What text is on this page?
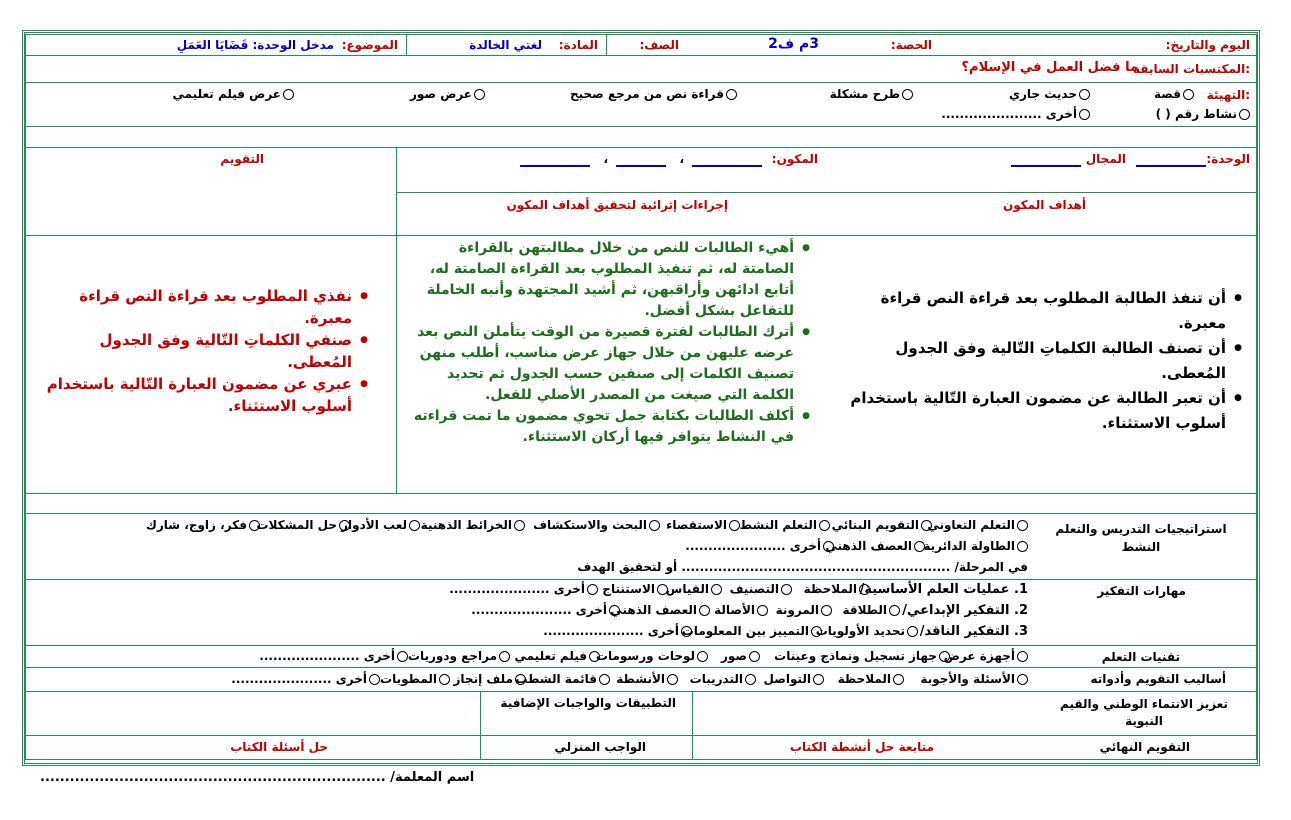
اليوم والتاريخ:
الحصة:
الصف:	3م ف2
المادة:
لغتي الخالدة
الموضوع:
مدخل الوحدة: قَضَايَا العَمَلِ
المكتسبات السابقة:
ما فضل العمل في الإسلام؟
التهيئة:
قصة
حديث جاري
طرح مشكلة
قراءة نص من مرجع صحيح
عرض صور
عرض فيلم تعليمي
نشاط رقم ( )
أخرى ......................
الوحدة:
المجال
أهداف المكون
المكون:
،
،
إجراءات إثرائية لتحقيق أهداف المكون
التقويم
● أن تنفذ الطالبة المطلوب بعد قراءة النص قراءة معبرة.
● أن تصنف الطالبة الكلماتِ التّالية وفق الجدول المُعطى.
● أن تعبر الطالبة عن مضمون العبارة التّالية باستخدام أسلوب الاستثناء.
● أهيء الطالبات للنص من خلال مطالبتهن بالقراءة الصامتة له، ثم تنفيذ المطلوب بعد القراءة الصامتة له، أتابع ادائهن وأراقبهن، ثم أشيد المجتهدة وأنبه الخاملة للتفاعل بشكل أفضل.
● أترك الطالبات لفترة قصيرة من الوقت يتأملن النص بعد عرضه عليهن من خلال جهاز عرض مناسب، أطلب منهن تصنيف الكلمات إلى صنفين حسب الجدول ثم تحديد الكلمة التي صيغت من المصدر الأصلي للفعل.
● أكلف الطالبات بكتابة جمل تحوي مضمون ما تمت قراءته في النشاط يتوافر فيها أركان الاستثناء.
● نفذي المطلوب بعد قراءة النص قراءة معبرة.
● صنفي الكلماتِ التّالية وفق الجدول المُعطى.
● عبري عن مضمون العبارة التّالية باستخدام أسلوب الاستثناء.
استراتيجيات التدريس والتعلم النشط
التعلم التعاوني
التقويم البنائي
التعلم النشط
الاستقصاء
البحث والاستكشاف
الخرائط الذهنية
لعب الأدوار
حل المشكلات
فكر، زاوج، شارك
الطاولة الدائرية
العصف الذهني
أخرى ......................
في المرحلة/ ........................................................... أو لتحقيق الهدف
مهارات التفكير
1. عمليات العلم الأساسية/
الملاحظة
التصنيف
القياس
الاستنتاج
أخرى ......................
2. التفكير الإبداعي/
الطلاقة
المرونة
الأصالة
العصف الذهني
أخرى ......................
3. التفكير الناقد/
تحديد الأولويات
التمييز بين المعلومات
أخرى ......................
تقنيات التعلم
أجهزة عرض
جهاز تسجيل ونماذج وعينات
صور
لوحات ورسومات
فيلم تعليمي
مراجع ودوريات
أخرى ......................
أساليب التقويم وأدواته
الأسئلة والأجوبة
الملاحظة
التواصل
التدريبات
الأنشطة
قائمة الشطب
ملف إنجاز
المطويات
أخرى ......................
تعزيز الانتماء الوطني والقيم النبوية
التطبيقات والواجبات الإضافية
التقويم النهائي
متابعة حل أنشطة الكتاب
الواجب المنزلي
حل أسئلة الكتاب
اسم المعلمة/ ......................................................................
